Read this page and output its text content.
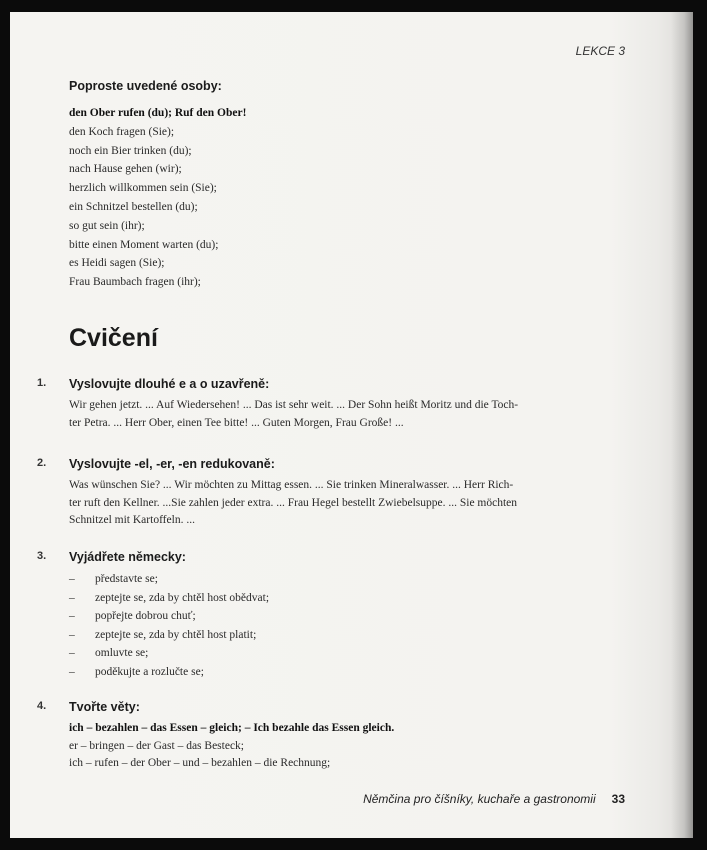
LEKCE 3
Poproste uvedené osoby:
den Ober rufen (du); Ruf den Ober!
den Koch fragen (Sie);
noch ein Bier trinken (du);
nach Hause gehen (wir);
herzlich willkommen sein (Sie);
ein Schnitzel bestellen (du);
so gut sein (ihr);
bitte einen Moment warten (du);
es Heidi sagen (Sie);
Frau Baumbach fragen (ihr);
Cvičení
1. Vyslovujte dlouhé e a o uzavřeně:
Wir gehen jetzt. ... Auf Wiedersehen! ... Das ist sehr weit. ... Der Sohn heißt Moritz und die Toch-
ter Petra. ... Herr Ober, einen Tee bitte! ... Guten Morgen, Frau Große! ...
2. Vyslovujte -el, -er, -en redukovaně:
Was wünschen Sie? ... Wir möchten zu Mittag essen. ... Sie trinken Mineralwasser. ... Herr Rich-
ter ruft den Kellner. ...Sie zahlen jeder extra. ... Frau Hegel bestellt Zwiebelsuppe. ... Sie möchten
Schnitzel mit Kartoffeln. ...
3. Vyjádřete německy:
–	představte se;
–	zeptejte se, zda by chtěl host obědvat;
–	popřejte dobrou chuť;
–	zeptejte se, zda by chtěl host platit;
–	omluvte se;
–	poděkujte a rozlučte se;
4. Tvořte věty:
ich – bezahlen – das Essen – gleich; – Ich bezahle das Essen gleich.
er – bringen – der Gast – das Besteck;
ich – rufen – der Ober – und – bezahlen – die Rechnung;
Němčina pro číšníky, kuchaře a gastronomii 33
